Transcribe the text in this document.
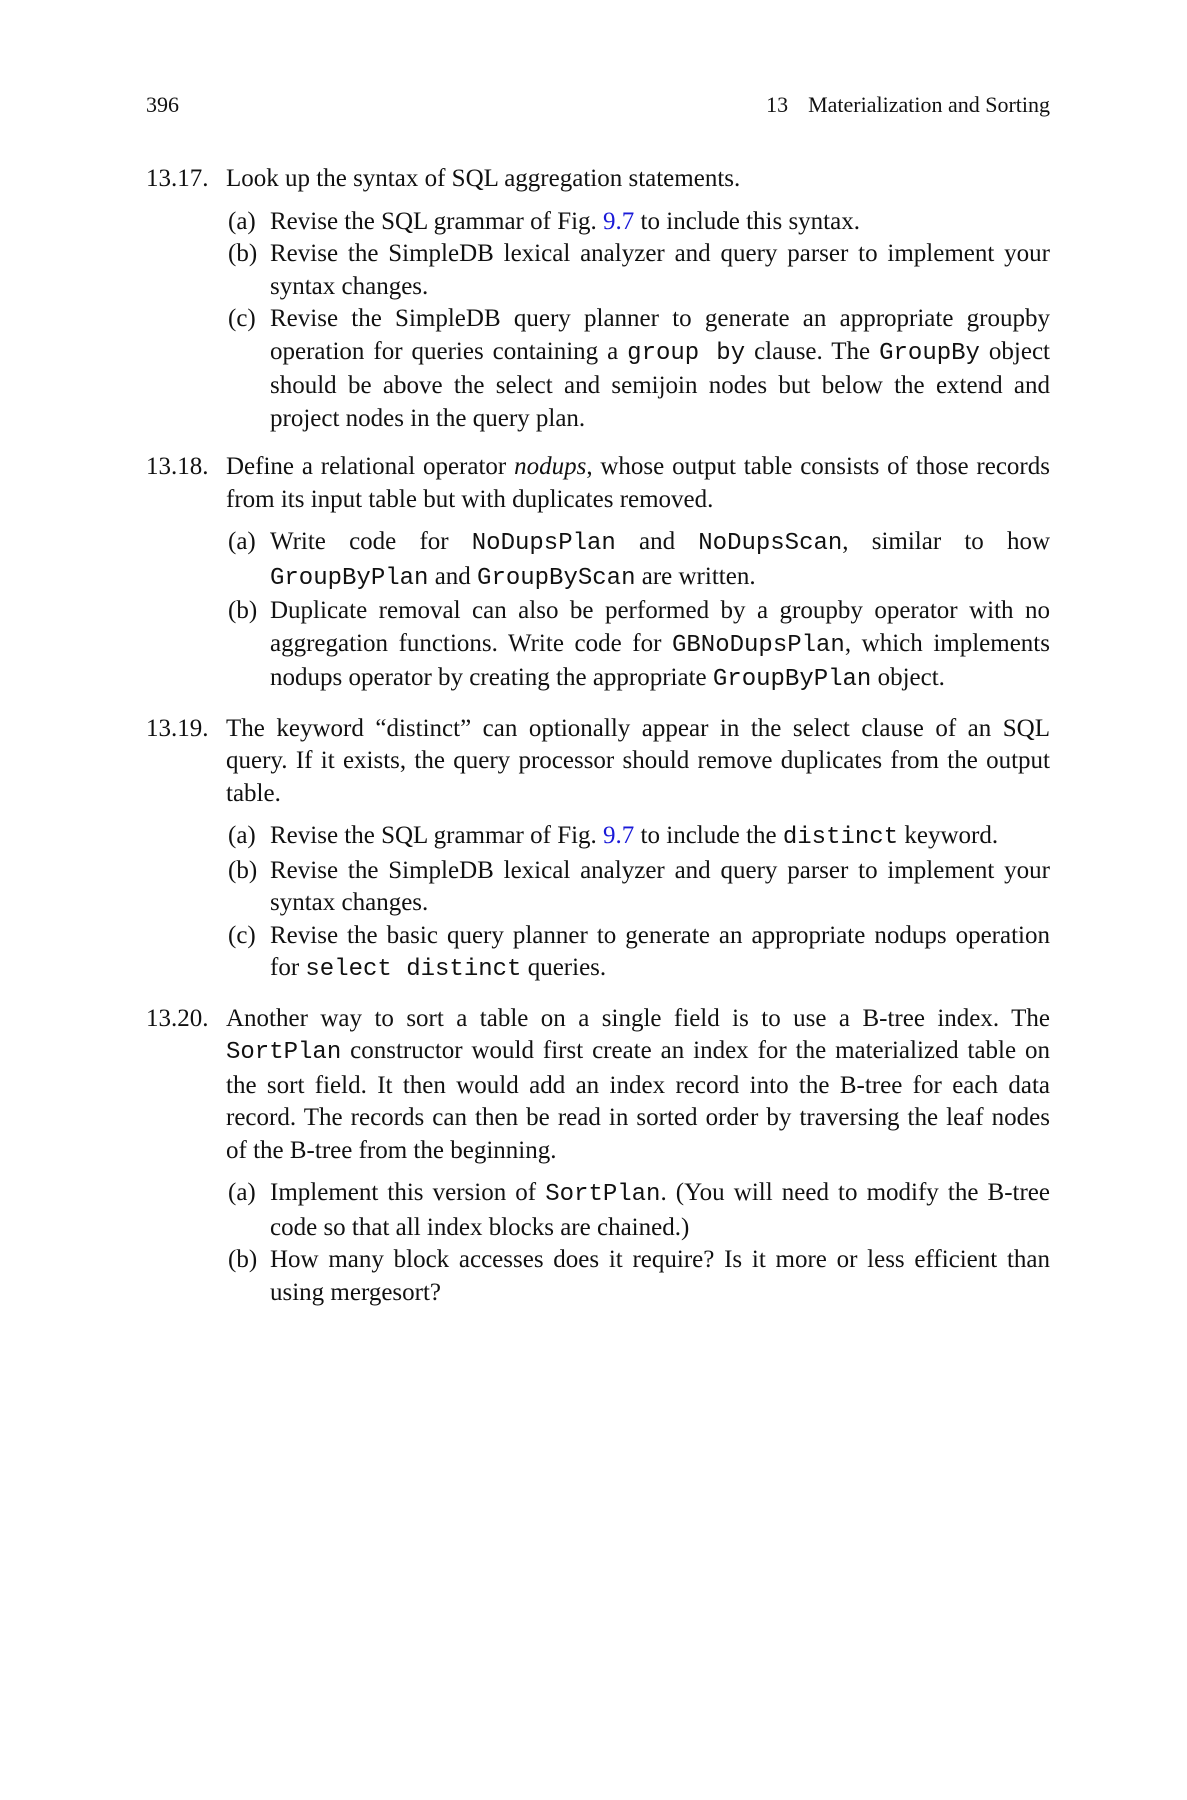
396	13 Materialization and Sorting
13.17. Look up the syntax of SQL aggregation statements.
(a) Revise the SQL grammar of Fig. 9.7 to include this syntax.
(b) Revise the SimpleDB lexical analyzer and query parser to implement your syntax changes.
(c) Revise the SimpleDB query planner to generate an appropriate groupby operation for queries containing a group by clause. The GroupBy object should be above the select and semijoin nodes but below the extend and project nodes in the query plan.
13.18. Define a relational operator nodups, whose output table consists of those records from its input table but with duplicates removed.
(a) Write code for NoDupsPlan and NoDupsScan, similar to how GroupByPlan and GroupByScan are written.
(b) Duplicate removal can also be performed by a groupby operator with no aggregation functions. Write code for GBNoDupsPlan, which implements nodups operator by creating the appropriate GroupByPlan object.
13.19. The keyword “distinct” can optionally appear in the select clause of an SQL query. If it exists, the query processor should remove duplicates from the output table.
(a) Revise the SQL grammar of Fig. 9.7 to include the distinct keyword.
(b) Revise the SimpleDB lexical analyzer and query parser to implement your syntax changes.
(c) Revise the basic query planner to generate an appropriate nodups operation for select distinct queries.
13.20. Another way to sort a table on a single field is to use a B-tree index. The SortPlan constructor would first create an index for the materialized table on the sort field. It then would add an index record into the B-tree for each data record. The records can then be read in sorted order by traversing the leaf nodes of the B-tree from the beginning.
(a) Implement this version of SortPlan. (You will need to modify the B-tree code so that all index blocks are chained.)
(b) How many block accesses does it require? Is it more or less efficient than using mergesort?
